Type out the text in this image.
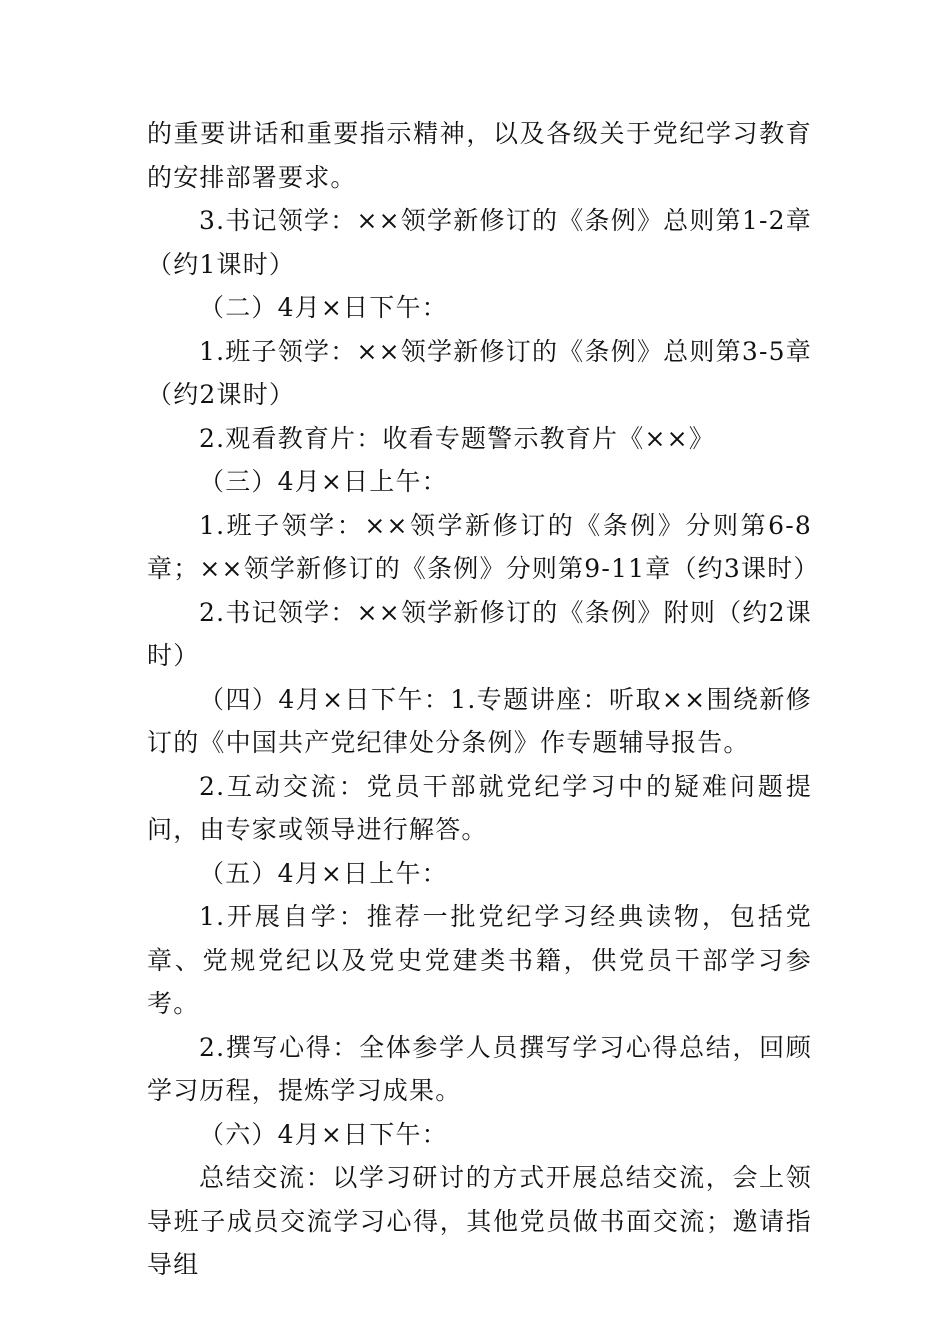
的重要讲话和重要指示精神，以及各级关于党纪学习教育的安排部署要求。

3.书记领学：××领学新修订的《条例》总则第1-2章（约1课时）

（二）4月×日下午：

1.班子领学：××领学新修订的《条例》总则第3-5章（约2课时）

2.观看教育片：收看专题警示教育片《××》

（三）4月×日上午：

1.班子领学：××领学新修订的《条例》分则第6-8章；××领学新修订的《条例》分则第9-11章（约3课时）

2.书记领学：××领学新修订的《条例》附则（约2课时）

（四）4月×日下午：1.专题讲座：听取××围绕新修订的《中国共产党纪律处分条例》作专题辅导报告。

2.互动交流：党员干部就党纪学习中的疑难问题提问，由专家或领导进行解答。

（五）4月×日上午：

1.开展自学：推荐一批党纪学习经典读物，包括党章、党规党纪以及党史党建类书籍，供党员干部学习参考。

2.撰写心得：全体参学人员撰写学习心得总结，回顾学习历程，提炼学习成果。

（六）4月×日下午：

总结交流：以学习研讨的方式开展总结交流，会上领导班子成员交流学习心得，其他党员做书面交流；邀请指导组
